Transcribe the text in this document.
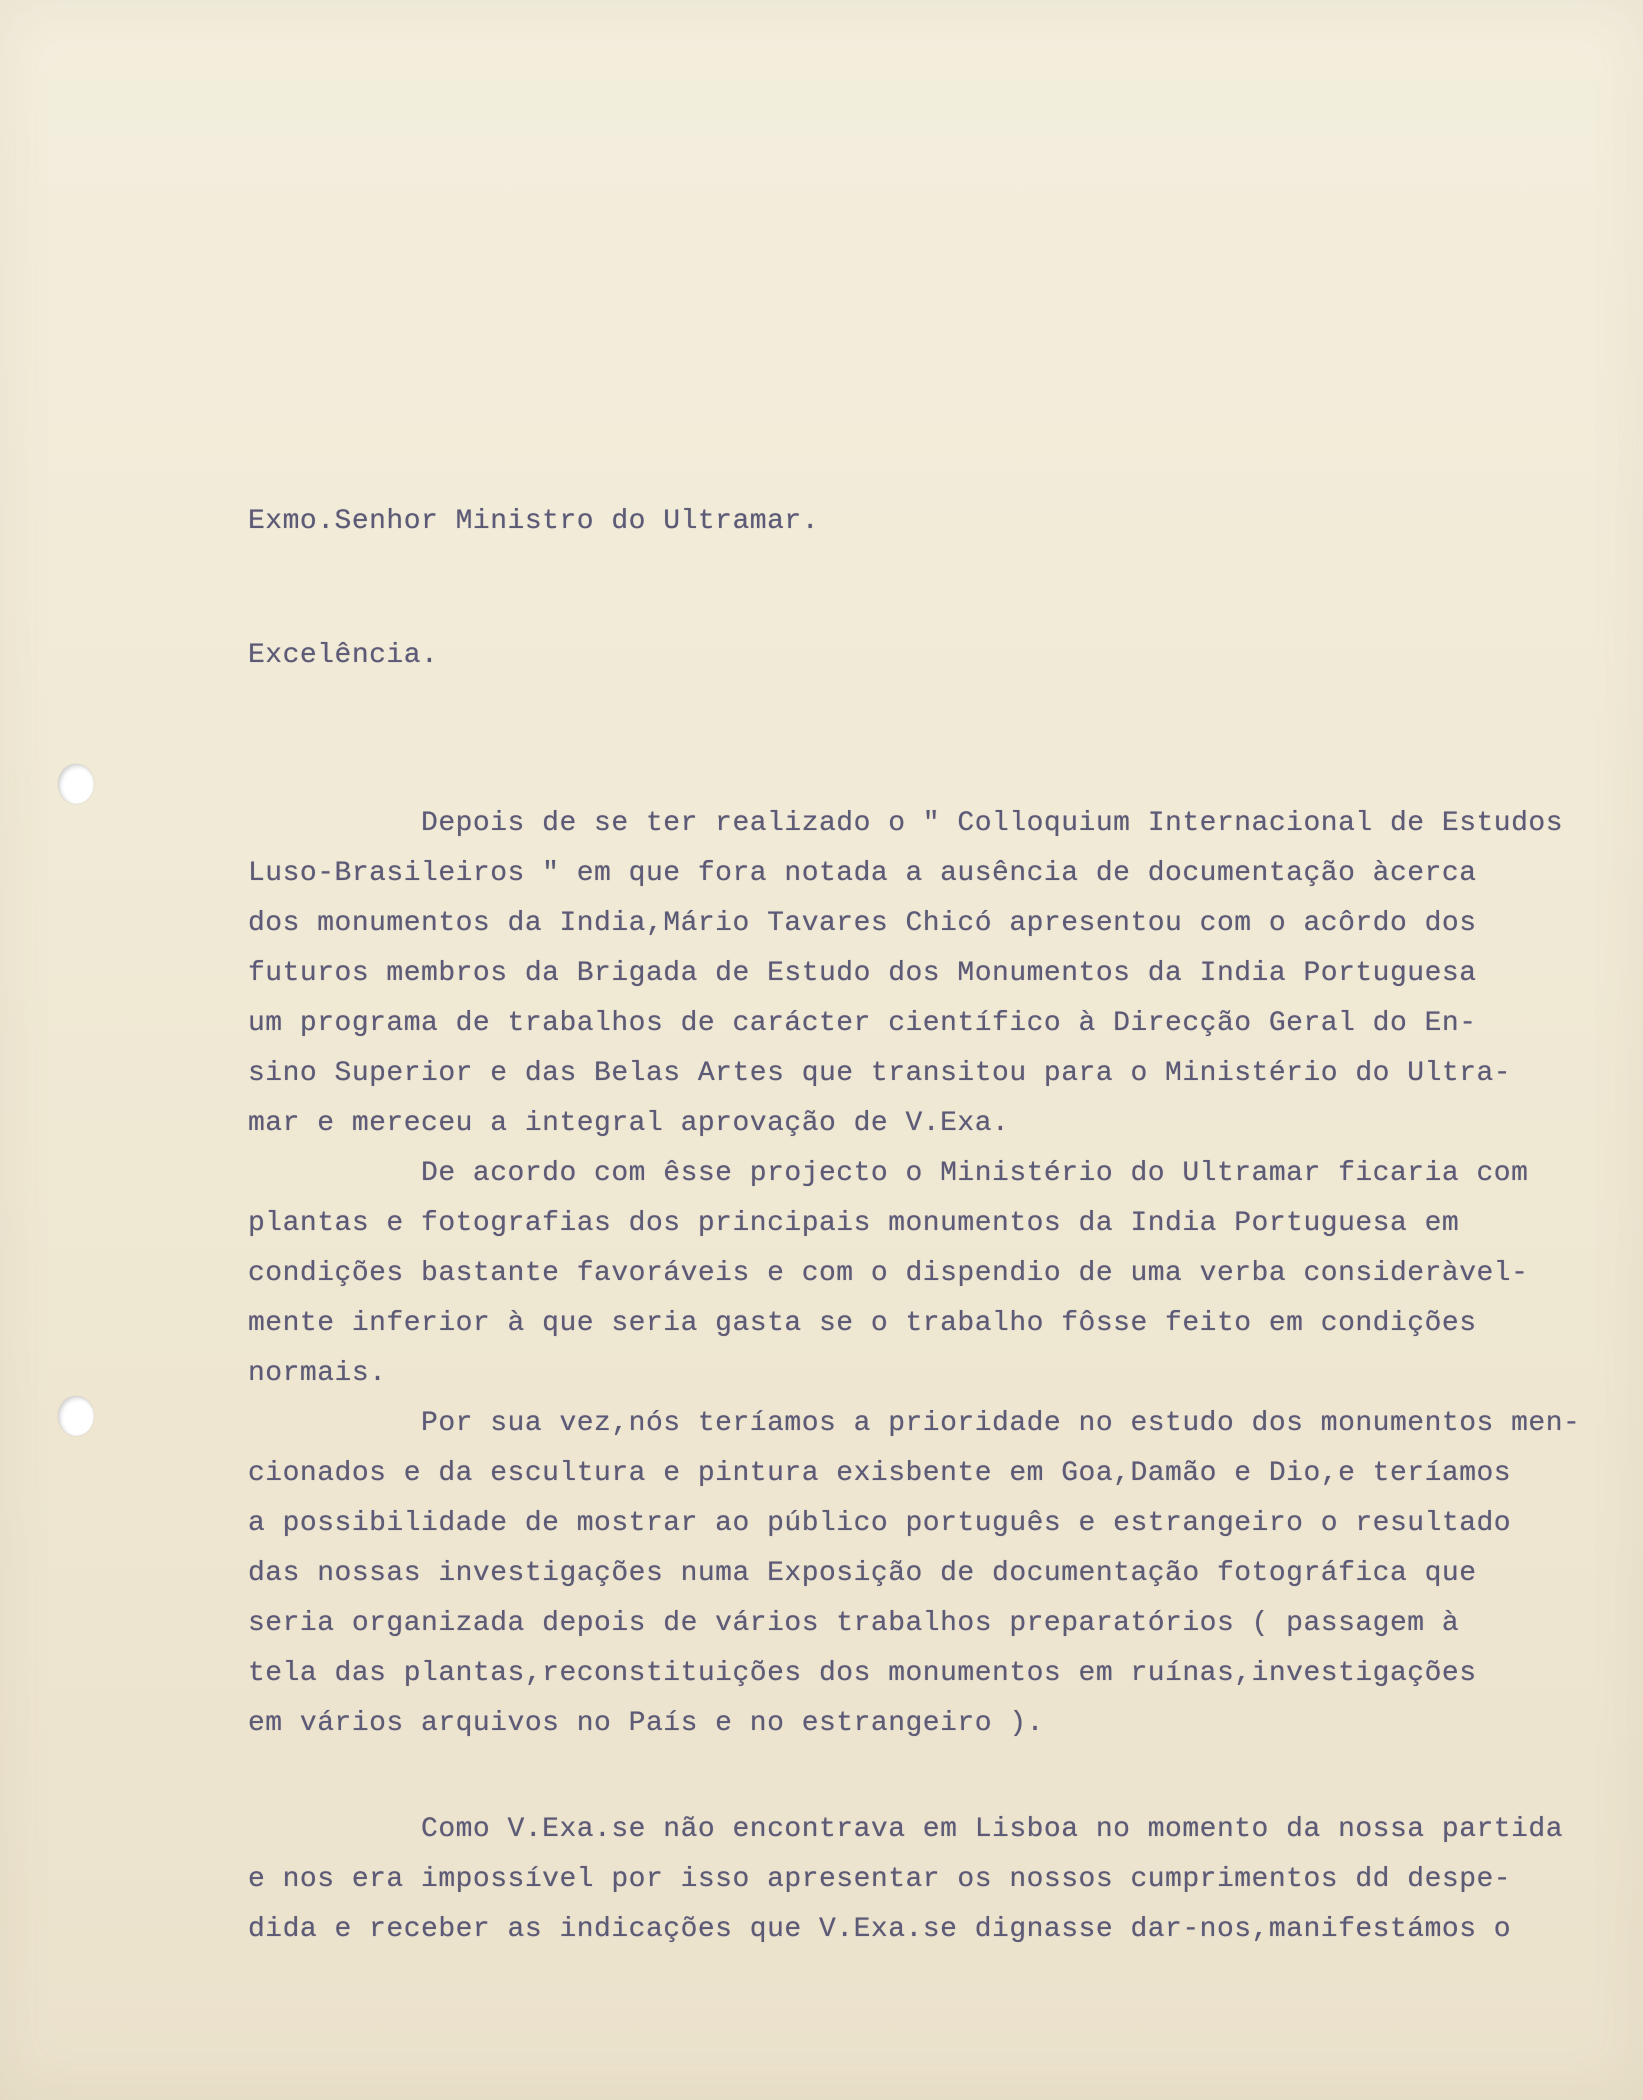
Exmo.Senhor Ministro do Ultramar.
Excelência.
Depois de se ter realizado o " Colloquium Internacional de Estudos
Luso-Brasileiros " em que fora notada a ausência de documentação àcerca
dos monumentos da India,Mário Tavares Chicó apresentou com o acôrdo dos
futuros membros da Brigada de Estudo dos Monumentos da India Portuguesa
um programa de trabalhos de carácter científico à Direcção Geral do En-
sino Superior e das Belas Artes que transitou para o Ministério do Ultra-
mar e mereceu a integral aprovação de V.Exa.
De acordo com êsse projecto o Ministério do Ultramar ficaria com
plantas e fotografias dos principais monumentos da India Portuguesa em
condições bastante favoráveis e com o dispendio de uma verba consideràvel-
mente inferior à que seria gasta se o trabalho fôsse feito em condições
normais.
Por sua vez,nós teríamos a prioridade no estudo dos monumentos men-
cionados e da escultura e pintura exisbente em Goa,Damão e Dio,e teríamos
a possibilidade de mostrar ao público português e estrangeiro o resultado
das nossas investigações numa Exposição de documentação fotográfica que
seria organizada depois de vários trabalhos preparatórios ( passagem à
tela das plantas,reconstituições dos monumentos em ruínas,investigações
em vários arquivos no País e no estrangeiro ).
Como V.Exa.se não encontrava em Lisboa no momento da nossa partida
e nos era impossível por isso apresentar os nossos cumprimentos dd despe-
dida e receber as indicações que V.Exa.se dignasse dar-nos,manifestámos o
